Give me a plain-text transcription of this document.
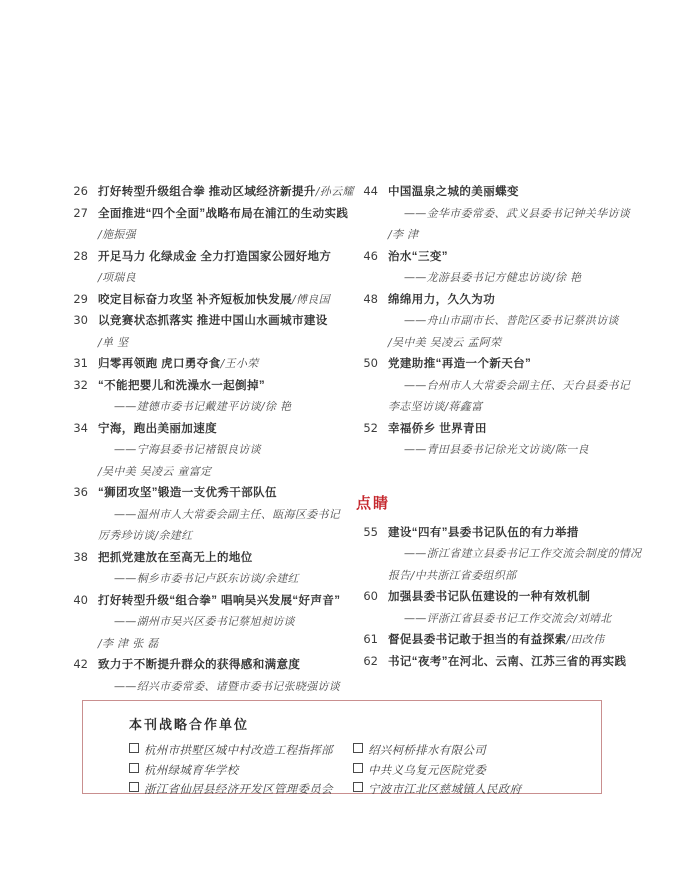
26 打好转型升级组合拳 推动区域经济新提升/孙云耀
27 全面推进“四个全面”战略布局在浦江的生动实践
/施振强
28 开足马力 化绿成金 全力打造国家公园好地方
/项瑞良
29 咬定目标奋力攻坚 补齐短板加快发展/傅良国
30 以竞赛状态抓落实 推进中国山水画城市建设
/单 坚
31 归零再领跑 虎口勇夺食/王小荣
32 “不能把婴儿和洗澡水一起倒掉”
——建德市委书记戴建平访谈/徐 艳
34 宁海，跑出美丽加速度
——宁海县委书记褚银良访谈
/吴中美 吴凌云 童富定
36 “狮团攻坚”锻造一支优秀干部队伍
——温州市人大常委会副主任、瓯海区委书记
厉秀珍访谈/余建红
38 把抓党建放在至高无上的地位
——桐乡市委书记卢跃东访谈/余建红
40 打好转型升级“组合拳” 唱响吴兴发展“好声音”
——湖州市吴兴区委书记蔡旭昶访谈
/李 津 张 磊
42 致力于不断提升群众的获得感和满意度
——绍兴市委常委、诸暨市委书记张晓强访谈
44 中国温泉之城的美丽蝶变
——金华市委常委、武义县委书记钟关华访谈
/李 津
46 治水“三变”
——龙游县委书记方健忠访谈/徐 艳
48 绵绵用力，久久为功
——舟山市副市长、普陀区委书记蔡洪访谈
/吴中美 吴凌云 孟阿荣
50 党建助推“再造一个新天台”
——台州市人大常委会副主任、天台县委书记
李志坚访谈/蒋鑫富
52 幸福侨乡 世界青田
——青田县委书记徐光文访谈/陈一良
点睛
55 建设“四有”县委书记队伍的有力举措
——浙江省建立县委书记工作交流会制度的情况
报告/中共浙江省委组织部
60 加强县委书记队伍建设的一种有效机制
——评浙江省县委书记工作交流会/刘靖北
61 督促县委书记敢于担当的有益探索/田改伟
62 书记“夜考”在河北、云南、江苏三省的再实践
本刊战略合作单位
杭州市拱墅区城中村改造工程指挥部
杭州绿城育华学校
浙江省仙居县经济开发区管理委员会
绍兴柯桥排水有限公司
中共义乌复元医院党委
宁波市江北区慈城镇人民政府
